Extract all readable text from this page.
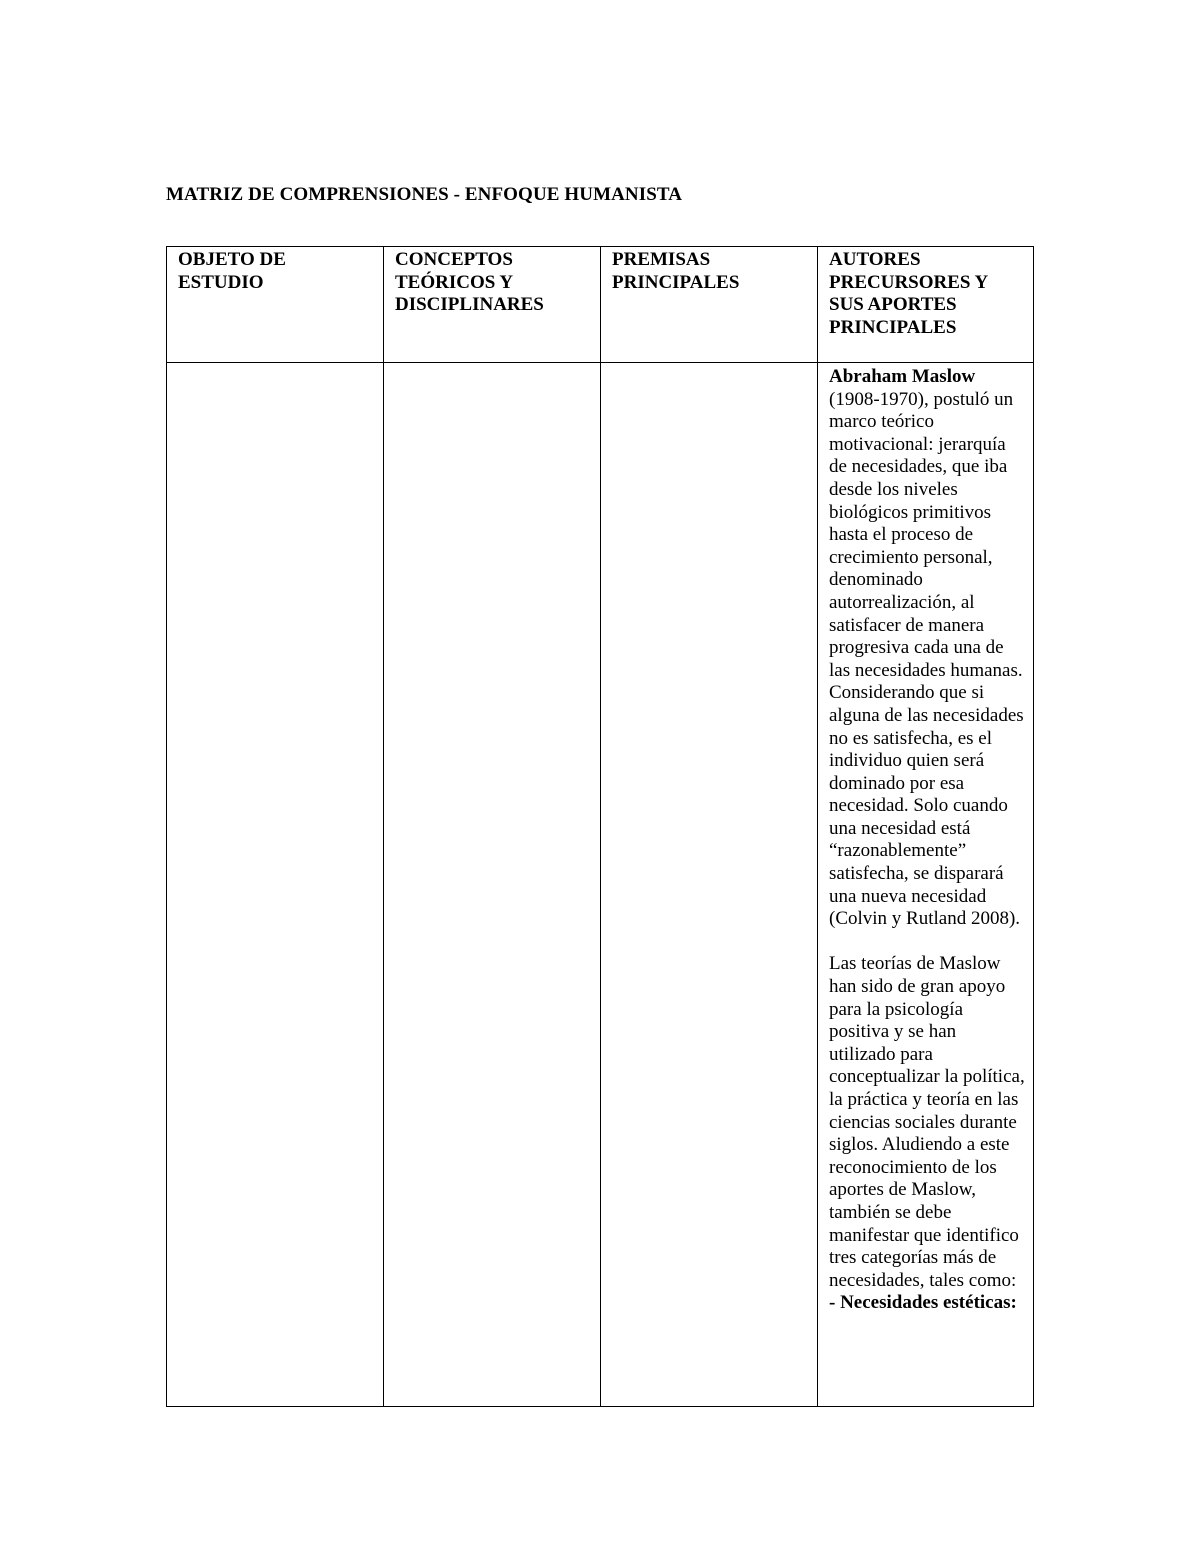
MATRIZ DE COMPRENSIONES - ENFOQUE HUMANISTA
OBJETO DE ESTUDIO	CONCEPTOS TEÓRICOS Y DISCIPLINARES	PREMISAS PRINCIPALES	AUTORES PRECURSORES Y SUS APORTES PRINCIPALES

			Abraham Maslow
(1908-1970), postuló un marco teórico motivacional: jerarquía de necesidades, que iba desde los niveles biológicos primitivos hasta el proceso de crecimiento personal, denominado autorrealización, al satisfacer de manera progresiva cada una de las necesidades humanas. Considerando que si alguna de las necesidades no es satisfecha, es el individuo quien será dominado por esa necesidad. Solo cuando una necesidad está “razonablemente” satisfecha, se disparará una nueva necesidad (Colvin y Rutland 2008).

Las teorías de Maslow han sido de gran apoyo para la psicología positiva y se han utilizado para conceptualizar la política, la práctica y teoría en las ciencias sociales durante siglos. Aludiendo a este reconocimiento de los aportes de Maslow, también se debe manifestar que identifico tres categorías más de necesidades, tales como:

- Necesidades estéticas:
